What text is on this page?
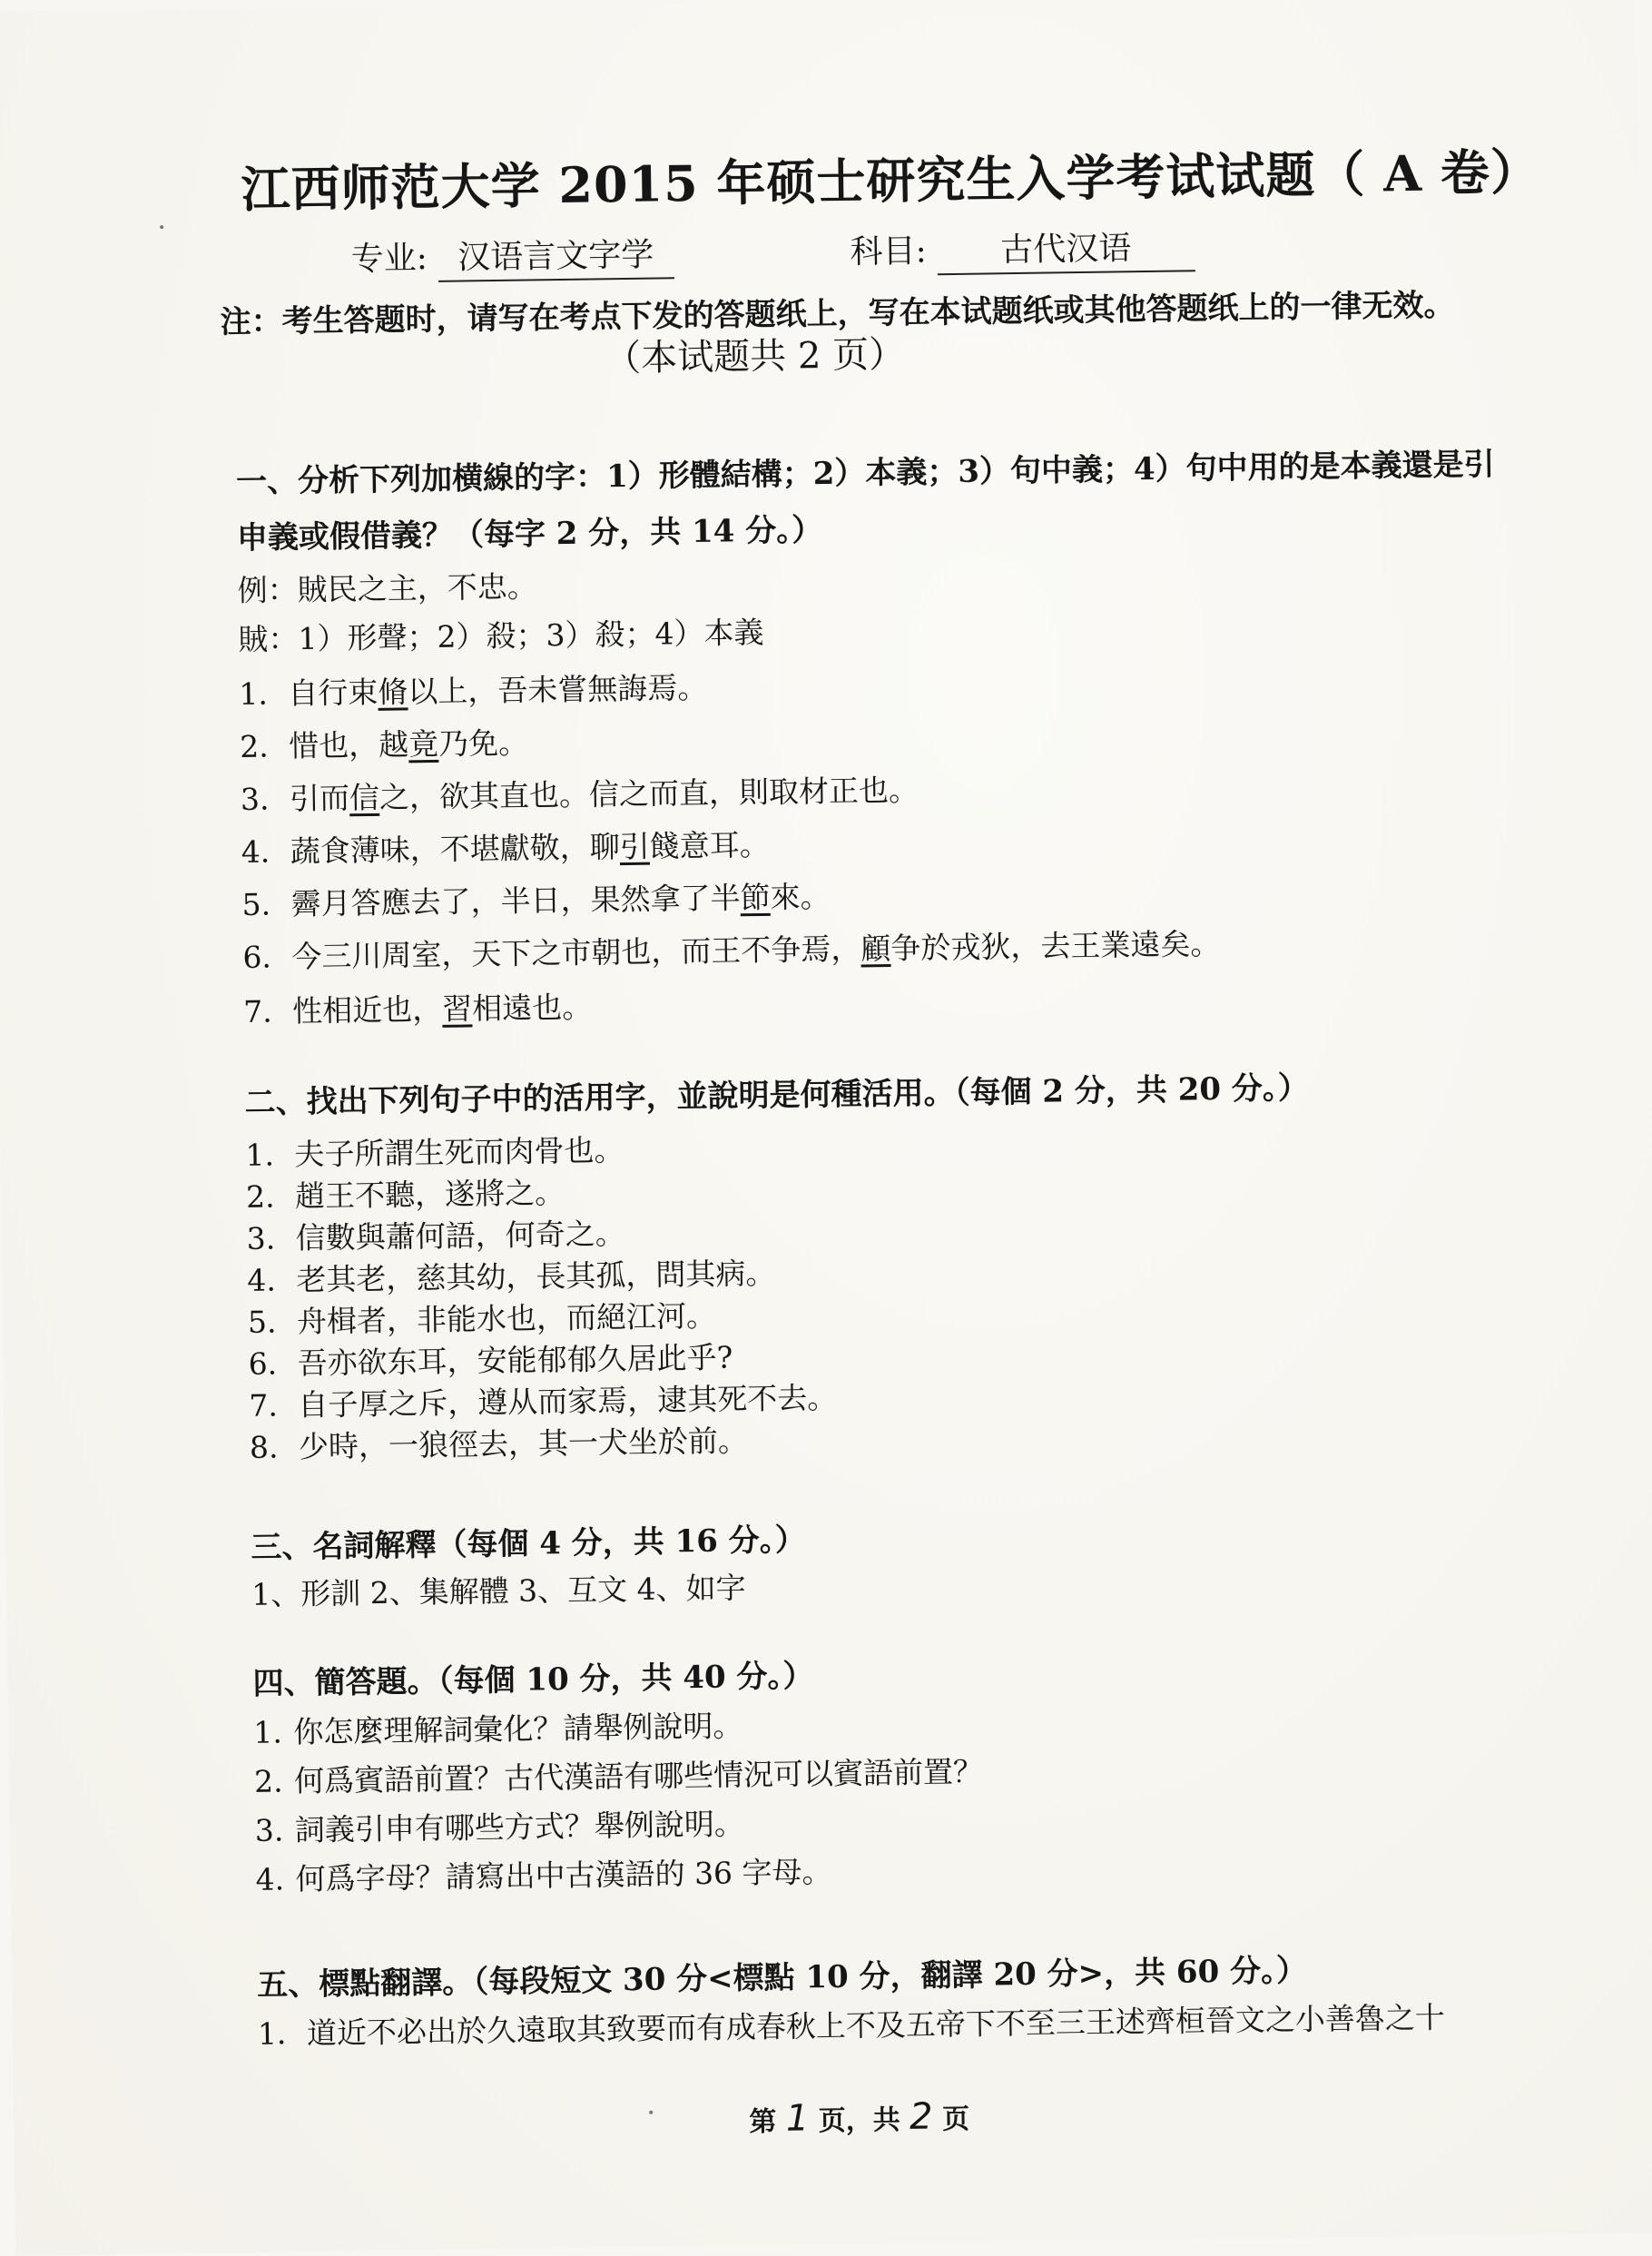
江西师范大学 2015 年硕士研究生入学考试试题（ A 卷）
专业: 汉语言文字学	科目: 古代汉语
注：考生答题时，请写在考点下发的答题纸上，写在本试题纸或其他答题纸上的一律无效。
（本试题共 2 页）
一、分析下列加横線的字：1）形體結構；2）本義；3）句中義；4）句中用的是本義還是引
申義或假借義？（每字 2 分，共 14 分。）
例：賊民之主，不忠。
賊：1）形聲；2）殺；3）殺；4）本義
1. 自行束脩以上，吾未嘗無誨焉。
2. 惜也，越竟乃免。
3. 引而信之，欲其直也。信之而直，則取材正也。
4. 蔬食薄味，不堪獻敬，聊引餞意耳。
5. 霽月答應去了，半日，果然拿了半節來。
6. 今三川周室，天下之市朝也，而王不争焉，顧争於戎狄，去王業遠矣。
7. 性相近也，習相遠也。
二、找出下列句子中的活用字，並說明是何種活用。（每個 2 分，共 20 分。）
1. 夫子所謂生死而肉骨也。
2. 趙王不聽，遂將之。
3. 信數與蕭何語，何奇之。
4. 老其老，慈其幼，長其孤，問其病。
5. 舟楫者，非能水也，而絕江河。
6. 吾亦欲东耳，安能郁郁久居此乎?
7. 自子厚之斥，遵从而家焉，逮其死不去。
8. 少時，一狼徑去，其一犬坐於前。
三、名詞解釋（每個 4 分，共 16 分。）
1、形訓 2、集解體 3、互文 4、如字
四、簡答題。（每個 10 分，共 40 分。）
1. 你怎麼理解詞彙化？請舉例說明。
2. 何爲賓語前置？古代漢語有哪些情況可以賓語前置？
3. 詞義引申有哪些方式？舉例說明。
4. 何爲字母？請寫出中古漢語的 36 字母。
五、標點翻譯。（每段短文 30 分<標點 10 分，翻譯 20 分>，共 60 分。）
1．道近不必出於久遠取其致要而有成春秋上不及五帝下不至三王述齊桓晉文之小善魯之十
第 1 页，共 2 页
